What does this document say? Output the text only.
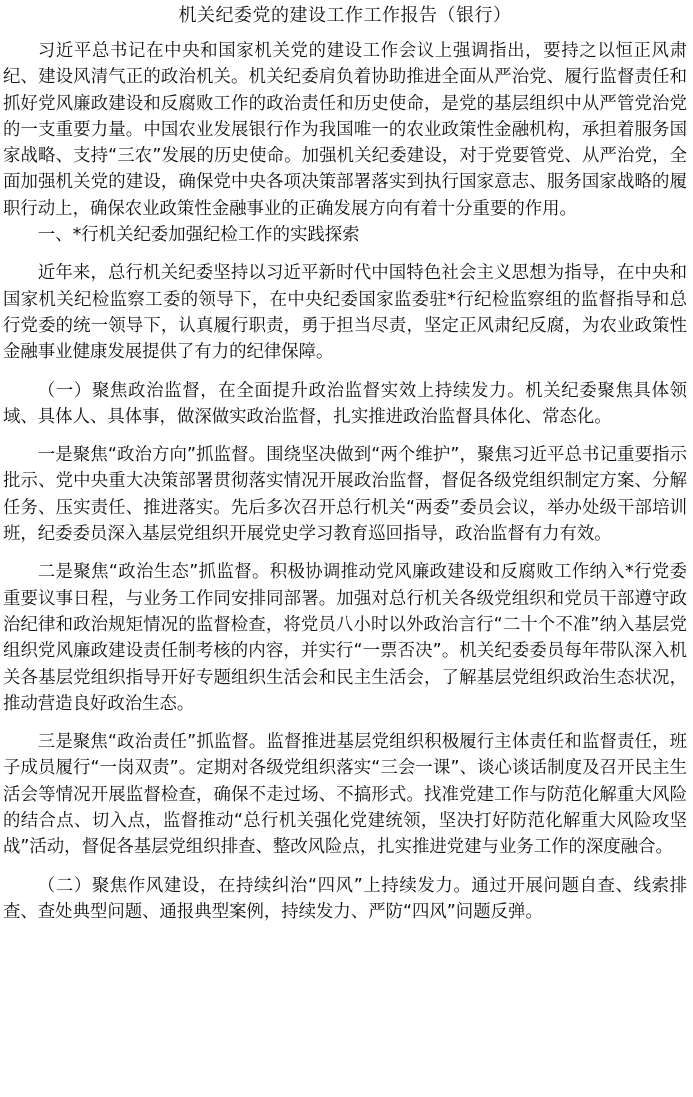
机关纪委党的建设工作工作报告（银行）

习近平总书记在中央和国家机关党的建设工作会议上强调指出，要持之以恒正风肃纪、建设风清气正的政治机关。机关纪委肩负着协助推进全面从严治党、履行监督责任和抓好党风廉政建设和反腐败工作的政治责任和历史使命，是党的基层组织中从严管党治党的一支重要力量。中国农业发展银行作为我国唯一的农业政策性金融机构，承担着服务国家战略、支持“三农”发展的历史使命。加强机关纪委建设，对于党要管党、从严治党，全面加强机关党的建设，确保党中央各项决策部署落实到执行国家意志、服务国家战略的履职行动上，确保农业政策性金融事业的正确发展方向有着十分重要的作用。

一、*行机关纪委加强纪检工作的实践探索

近年来，总行机关纪委坚持以习近平新时代中国特色社会主义思想为指导，在中央和国家机关纪检监察工委的领导下，在中央纪委国家监委驻*行纪检监察组的监督指导和总行党委的统一领导下，认真履行职责，勇于担当尽责，坚定正风肃纪反腐，为农业政策性金融事业健康发展提供了有力的纪律保障。

（一）聚焦政治监督，在全面提升政治监督实效上持续发力。机关纪委聚焦具体领域、具体人、具体事，做深做实政治监督，扎实推进政治监督具体化、常态化。

一是聚焦“政治方向”抓监督。围绕坚决做到“两个维护”，聚焦习近平总书记重要指示批示、党中央重大决策部署贯彻落实情况开展政治监督，督促各级党组织制定方案、分解任务、压实责任、推进落实。先后多次召开总行机关“两委”委员会议，举办处级干部培训班，纪委委员深入基层党组织开展党史学习教育巡回指导，政治监督有力有效。

二是聚焦“政治生态”抓监督。积极协调推动党风廉政建设和反腐败工作纳入*行党委重要议事日程，与业务工作同安排同部署。加强对总行机关各级党组织和党员干部遵守政治纪律和政治规矩情况的监督检查，将党员八小时以外政治言行“二十个不准”纳入基层党组织党风廉政建设责任制考核的内容，并实行“一票否决”。机关纪委委员每年带队深入机关各基层党组织指导开好专题组织生活会和民主生活会，了解基层党组织政治生态状况，推动营造良好政治生态。

三是聚焦“政治责任”抓监督。监督推进基层党组织积极履行主体责任和监督责任，班子成员履行“一岗双责”。定期对各级党组织落实“三会一课”、谈心谈话制度及召开民主生活会等情况开展监督检查，确保不走过场、不搞形式。找准党建工作与防范化解重大风险的结合点、切入点，监督推动“总行机关强化党建统领，坚决打好防范化解重大风险攻坚战”活动，督促各基层党组织排查、整改风险点，扎实推进党建与业务工作的深度融合。

（二）聚焦作风建设，在持续纠治“四风”上持续发力。通过开展问题自查、线索排查、查处典型问题、通报典型案例，持续发力、严防“四风”问题反弹。
